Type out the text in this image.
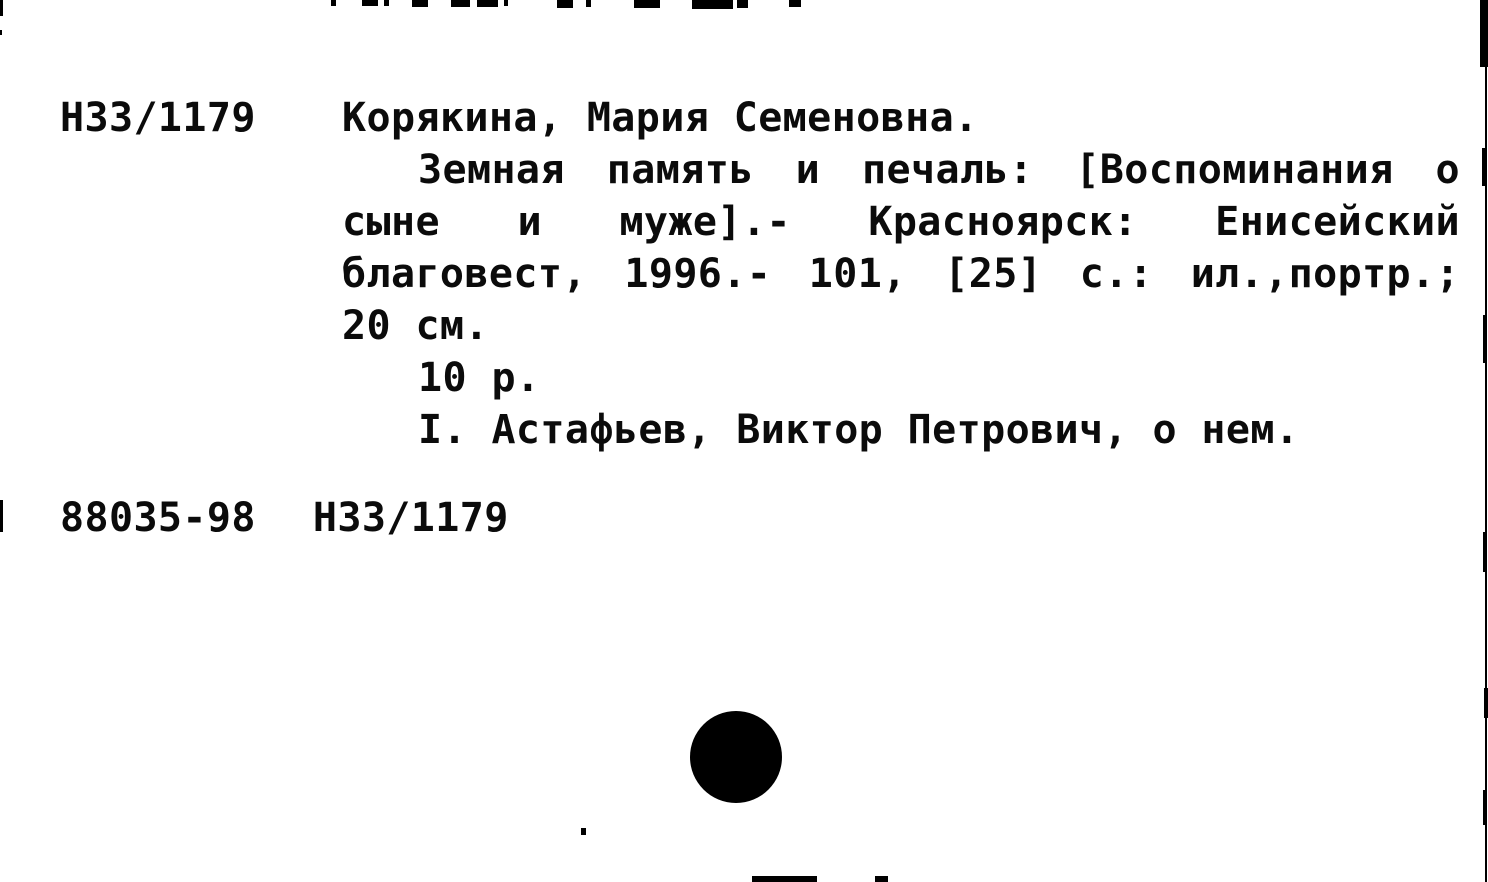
Н33/1179	Корякина, Мария Семеновна.
Земная память и печаль: [Воспоминания о
сыне и муже].- Красноярск: Енисейский
благовест, 1996.- 101, [25] с.: ил.,портр.;
20 см.
10 р.
I. Астафьев, Виктор Петрович, о нем.
88035-98 Н33/1179
